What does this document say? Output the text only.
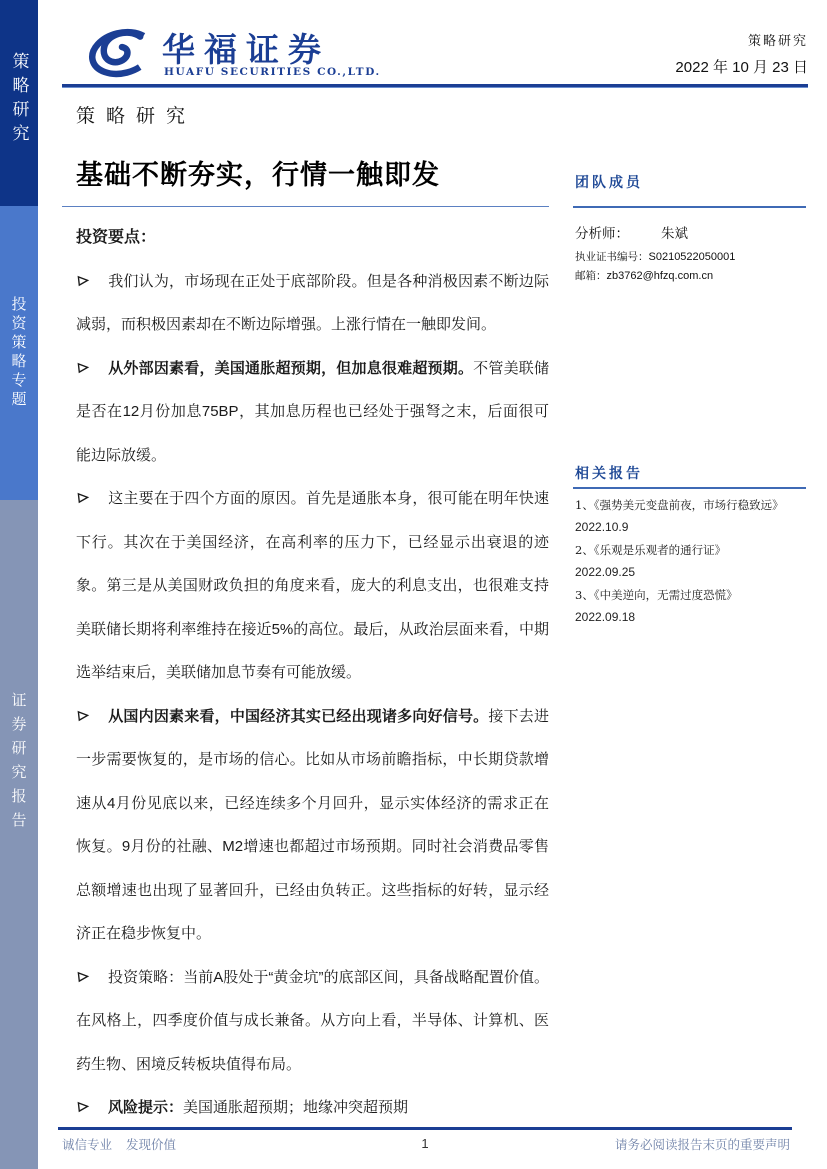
策略研究
投资策略专题
证券研究报告
华福证券
HUAFU SECURITIES CO.,LTD.
策略研究
2022 年 10 月 23 日
策略研究
基础不断夯实，行情一触即发
投资要点：

我们认为，市场现在正处于底部阶段。但是各种消极因素不断边际减弱，而积极因素却在不断边际增强。上涨行情在一触即发间。

从外部因素看，美国通胀超预期，但加息很难超预期。不管美联储是否在12月份加息75BP，其加息历程也已经处于强弩之末，后面很可能边际放缓。

这主要在于四个方面的原因。首先是通胀本身，很可能在明年快速下行。其次在于美国经济，在高利率的压力下，已经显示出衰退的迹象。第三是从美国财政负担的角度来看，庞大的利息支出，也很难支持美联储长期将利率维持在接近5%的高位。最后，从政治层面来看，中期选举结束后，美联储加息节奏有可能放缓。

从国内因素来看，中国经济其实已经出现诸多向好信号。接下去进一步需要恢复的，是市场的信心。比如从市场前瞻指标，中长期贷款增速从4月份见底以来，已经连续多个月回升，显示实体经济的需求正在恢复。9月份的社融、M2增速也都超过市场预期。同时社会消费品零售总额增速也出现了显著回升，已经由负转正。这些指标的好转，显示经济正在稳步恢复中。

投资策略：当前A股处于“黄金坑”的底部区间，具备战略配置价值。在风格上，四季度价值与成长兼备。从方向上看，半导体、计算机、医药生物、困境反转板块值得布局。

风险提示：美国通胀超预期；地缘冲突超预期

团队成员
分析师： 朱斌
执业证书编号：S0210522050001
邮箱：zb3762@hfzq.com.cn
相关报告
1、《强势美元变盘前夜，市场行稳致远》
2022.10.9
2、《乐观是乐观者的通行证》
2022.09.25
3、《中美逆向，无需过度恐慌》
2022.09.18
1
诚信专业 发现价值	请务必阅读报告末页的重要声明
